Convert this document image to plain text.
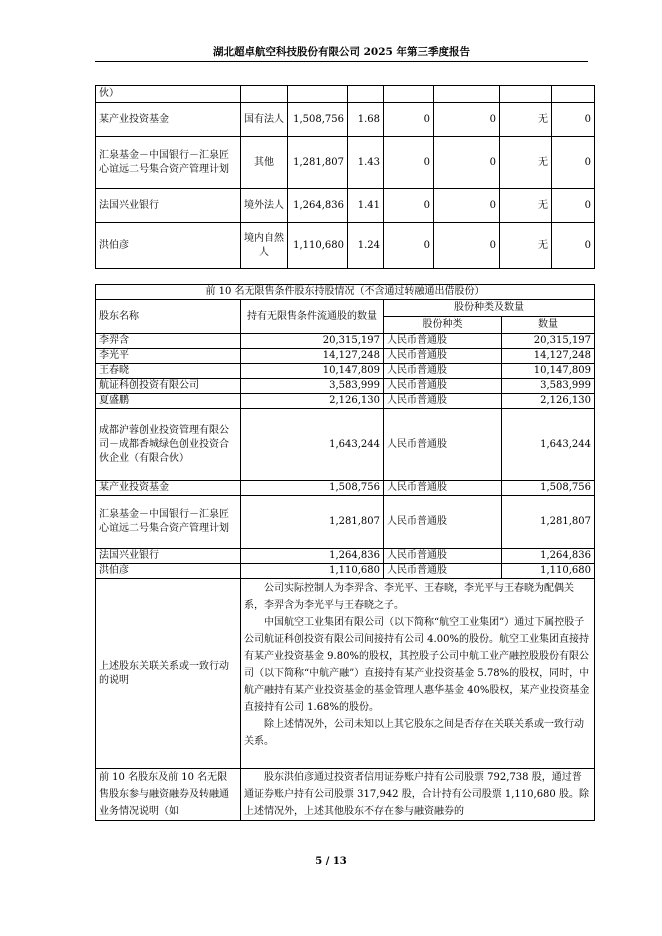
湖北超卓航空科技股份有限公司 2025 年第三季度报告
伙）							
某产业投资基金	国有法人	1,508,756	1.68	0	0	无	0
汇泉基金－中国银行－汇泉匠心谊远二号集合资产管理计划	其他	1,281,807	1.43	0	0	无	0
法国兴业银行	境外法人	1,264,836	1.41	0	0	无	0
洪伯彦	境内自然人	1,110,680	1.24	0	0	无	0
前 10 名无限售条件股东持股情况（不含通过转融通出借股份）			
股东名称	持有无限售条件流通股的数量	股份种类及数量	
		股份种类	数量
李羿含	20,315,197	人民币普通股	20,315,197
李光平	14,127,248	人民币普通股	14,127,248
王春晓	10,147,809	人民币普通股	10,147,809
航证科创投资有限公司	3,583,999	人民币普通股	3,583,999
夏盛鹏	2,126,130	人民币普通股	2,126,130
成都沪蓉创业投资管理有限公司－成都香城绿色创业投资合伙企业（有限合伙）	1,643,244	人民币普通股	1,643,244
某产业投资基金	1,508,756	人民币普通股	1,508,756
汇泉基金－中国银行－汇泉匠心谊远二号集合资产管理计划	1,281,807	人民币普通股	1,281,807
法国兴业银行	1,264,836	人民币普通股	1,264,836
洪伯彦	1,110,680	人民币普通股	1,110,680
上述股东关联关系或一致行动的说明	公司实际控制人为李羿含、李光平、王春晓，李光平与王春晓为配偶关系，李羿含为李光平与王春晓之子。

中国航空工业集团有限公司（以下简称“航空工业集团”）通过下属控股子公司航证科创投资有限公司间接持有公司 4.00%的股份。航空工业集团直接持有某产业投资基金 9.80%的股权，其控股子公司中航工业产融控股股份有限公司（以下简称“中航产融”）直接持有某产业投资基金 5.78%的股权，同时，中航产融持有某产业投资基金的基金管理人惠华基金 40%股权，某产业投资基金直接持有公司 1.68%的股份。

除上述情况外，公司未知以上其它股东之间是否存在关联关系或一致行动关系。		

前 10 名股东及前 10 名无限售股东参与融资融券及转融通业务情况说明（如	股东洪伯彦通过投资者信用证券账户持有公司股票 792,738 股，通过普通证券账户持有公司股票 317,942 股，合计持有公司股票 1,110,680 股。除上述情况外，上述其他股东不存在参与融资融券的		

5 / 13
